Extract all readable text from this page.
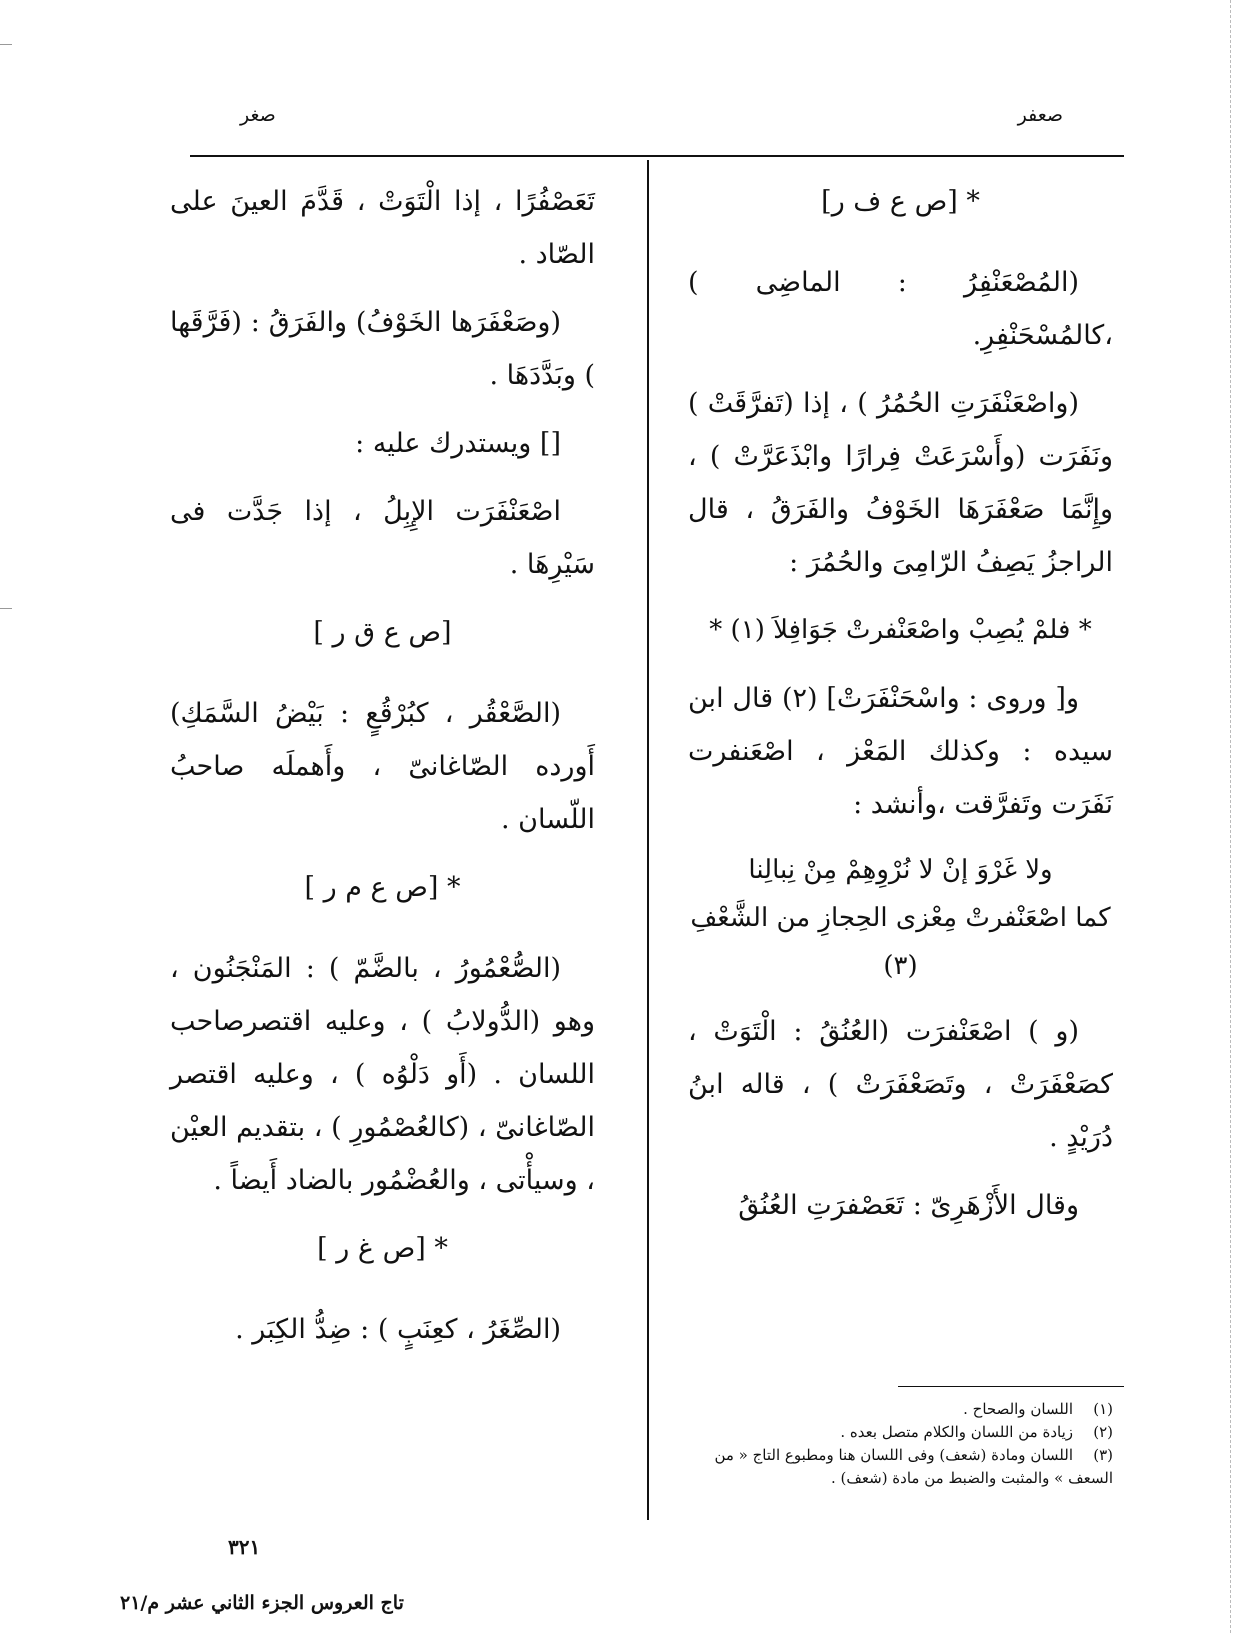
صعفر
صغر

* [ص ع ف ر]

(المُصْعَنْفِرُ : الماضِى ) ،كالمُسْحَنْفِرِ.

(واصْعَنْفَرَتِ الحُمُرُ ) ، إذا (تَفرَّقَتْ ) ونَفَرَت (وأَسْرَعَتْ فِرارًا وابْذَعَرَّتْ ) ، وإِنَّمَا صَعْفَرَهَا الخَوْفُ والفَرَقُ ، قال الراجزُ يَصِفُ الرّامِىَ والحُمُرَ :

* فلمْ يُصِبْ واصْعَنْفرتْ جَوَافِلاَ (١) *

و[ وروى : واسْحَنْفَرَتْ] (٢) قال ابن سيده : وكذلك المَعْز ، اصْعَنفرت نَفَرَت وتَفرَّقت ،وأنشد :

ولا غَرْوَ إنْ لا نُرْوِهِمْ مِنْ نِبالِنا

كما اصْعَنْفرتْ مِعْزى الحِجازِ من الشَّعْفِ (٣)

(و ) اصْعَنْفرَت (العُنُقُ : الْتَوَتْ ، كصَعْفَرَتْ ، وتَصَعْفَرَتْ ) ، قاله ابنُ دُرَيْدٍ .

وقال الأَزْهَرِىّ : تَعَصْفرَتِ العُنُقُ

(١)اللسان والصحاح .
(٢)زيادة من اللسان والكلام متصل بعده .
(٣)اللسان ومادة (شعف) وفى اللسان هنا ومطبوع التاج « من السعف » والمثبت والضبط من مادة (شعف) .

تَعَصْفُرًا ، إذا الْتَوَتْ ، قَدَّمَ العينَ على الصّاد .

(وصَعْفَرَها الخَوْفُ) والفَرَقُ : (فَرَّقَها ) وبَدَّدَهَا .

[] ويستدرك عليه :

اصْعَنْفَرَت الإِبِلُ ، إذا جَدَّت فى سَيْرِهَا .

[ص ع ق ر ]

(الصَّعْقُر ، كبُرْقُعٍ : بَيْضُ السَّمَكِ) أَورده الصّاغانىّ ، وأَهملَه صاحبُ اللّسان .

* [ص ع م ر ]

(الصُّعْمُورُ ، بالضَّمّ ) : المَنْجَنُون ، وهو (الدُّولابُ ) ، وعليه اقتصرصاحب اللسان . (أَو دَلْوُه ) ، وعليه اقتصر الصّاغانىّ ، (كالعُصْمُورِ ) ، بتقديم العيْن ، وسيأْتى ، والعُضْمُور بالضاد أَيضاً .

* [ص غ ر ]

(الصِّغَرُ ، كعِنَبٍ ) : ضِدُّ الكِبَر .

٣٢١
تاج العروس الجزء الثاني عشر م/٢١
